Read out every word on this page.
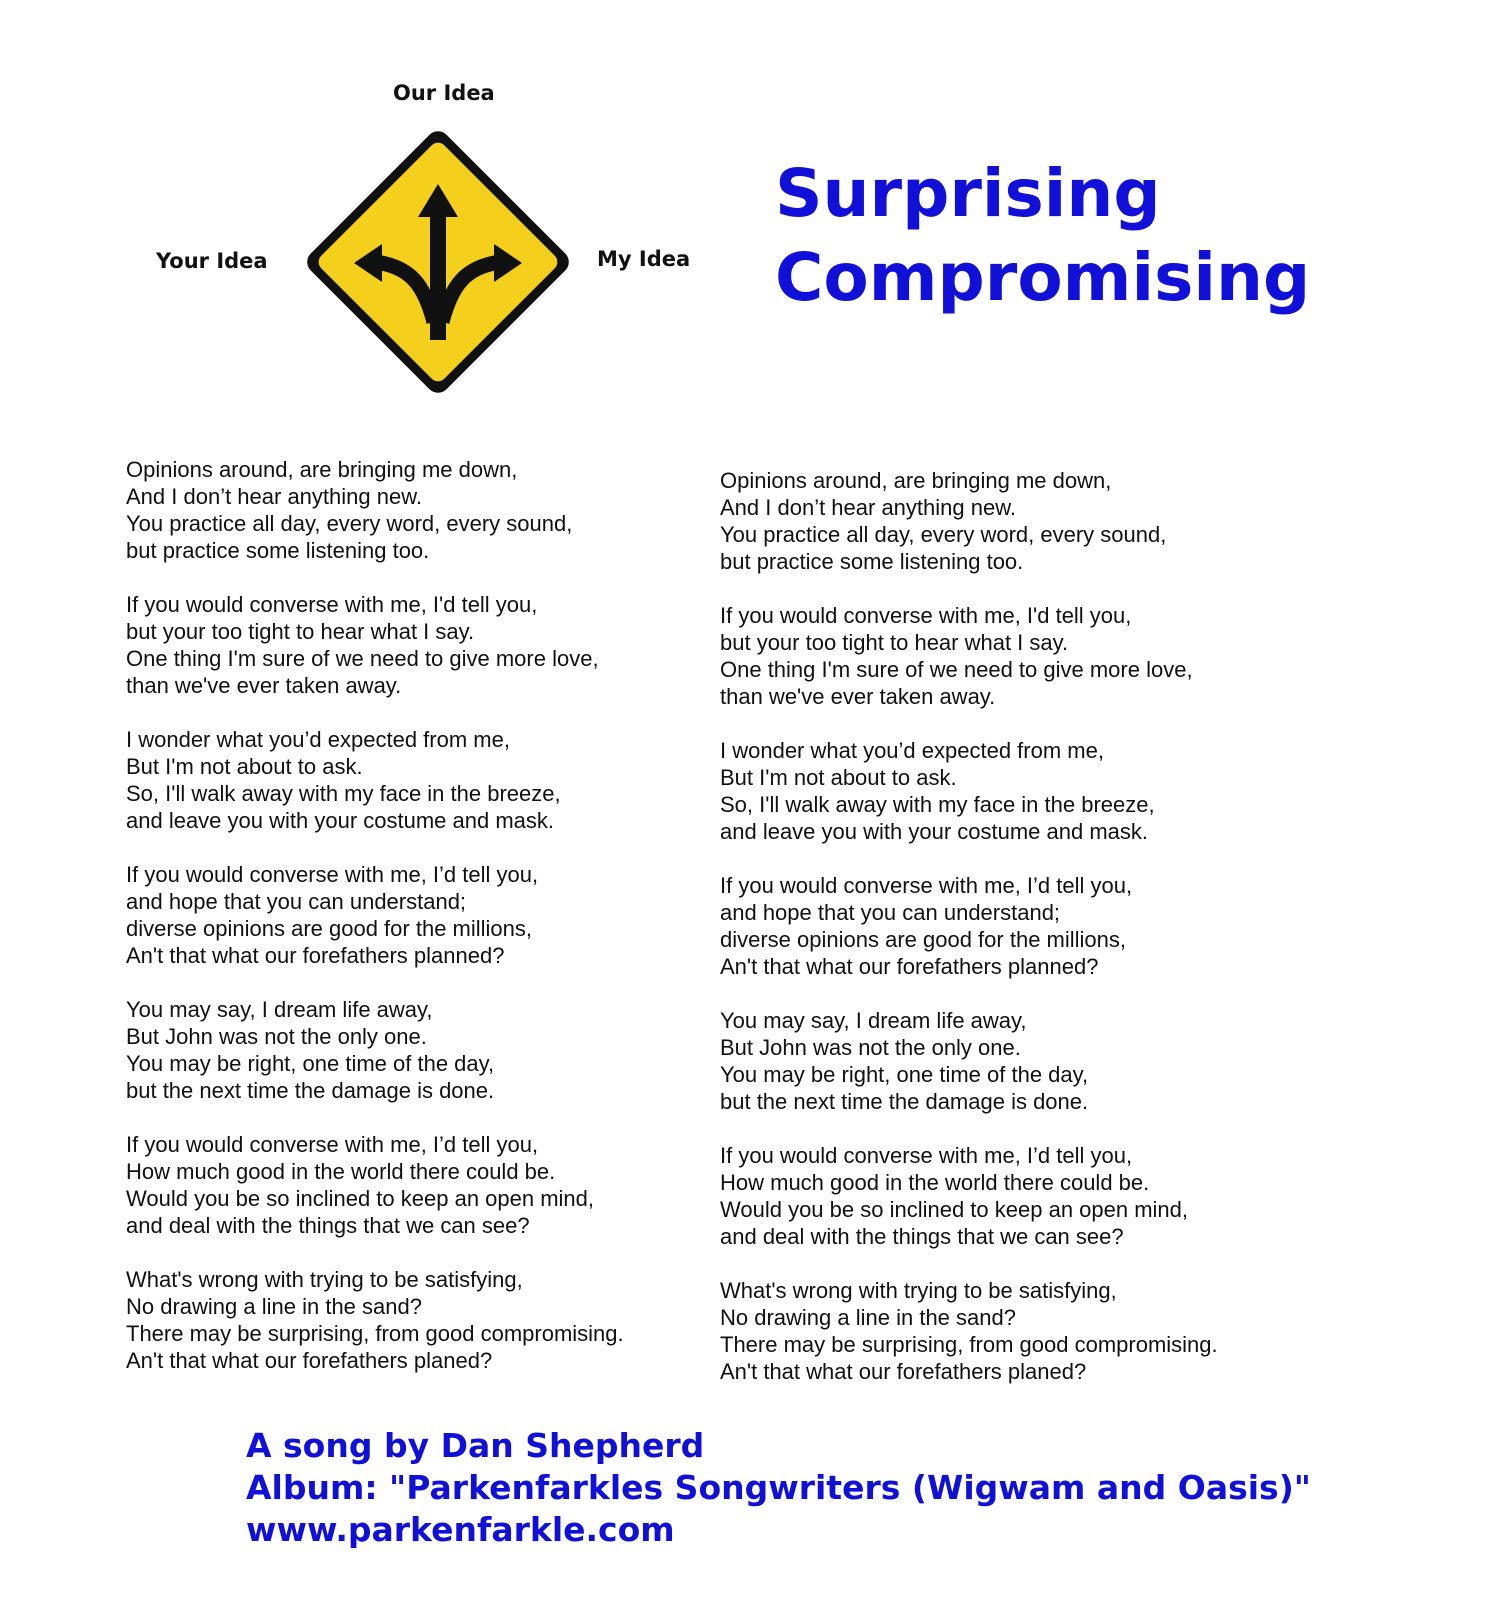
Our Idea
Your Idea	My Idea
Surprising
Compromising
Opinions around, are bringing me down,
And I don’t hear anything new.
You practice all day, every word, every sound,
but practice some listening too.
If you would converse with me, I'd tell you,
but your too tight to hear what I say.
One thing I'm sure of we need to give more love,
than we've ever taken away.
I wonder what you’d expected from me,
But I'm not about to ask.
So, I'll walk away with my face in the breeze,
and leave you with your costume and mask.
If you would converse with me, I’d tell you,
and hope that you can understand;
diverse opinions are good for the millions,
An't that what our forefathers planned?
You may say, I dream life away,
But John was not the only one.
You may be right, one time of the day,
but the next time the damage is done.
If you would converse with me, I’d tell you,
How much good in the world there could be.
Would you be so inclined to keep an open mind,
and deal with the things that we can see?
What's wrong with trying to be satisfying,
No drawing a line in the sand?
There may be surprising, from good compromising.
An't that what our forefathers planed?
Opinions around, are bringing me down,
And I don’t hear anything new.
You practice all day, every word, every sound,
but practice some listening too.
If you would converse with me, I'd tell you,
but your too tight to hear what I say.
One thing I'm sure of we need to give more love,
than we've ever taken away.
I wonder what you’d expected from me,
But I'm not about to ask.
So, I'll walk away with my face in the breeze,
and leave you with your costume and mask.
If you would converse with me, I’d tell you,
and hope that you can understand;
diverse opinions are good for the millions,
An't that what our forefathers planned?
You may say, I dream life away,
But John was not the only one.
You may be right, one time of the day,
but the next time the damage is done.
If you would converse with me, I’d tell you,
How much good in the world there could be.
Would you be so inclined to keep an open mind,
and deal with the things that we can see?
What's wrong with trying to be satisfying,
No drawing a line in the sand?
There may be surprising, from good compromising.
An't that what our forefathers planed?
A song by Dan Shepherd
Album: "Parkenfarkles Songwriters (Wigwam and Oasis)"
www.parkenfarkle.com
